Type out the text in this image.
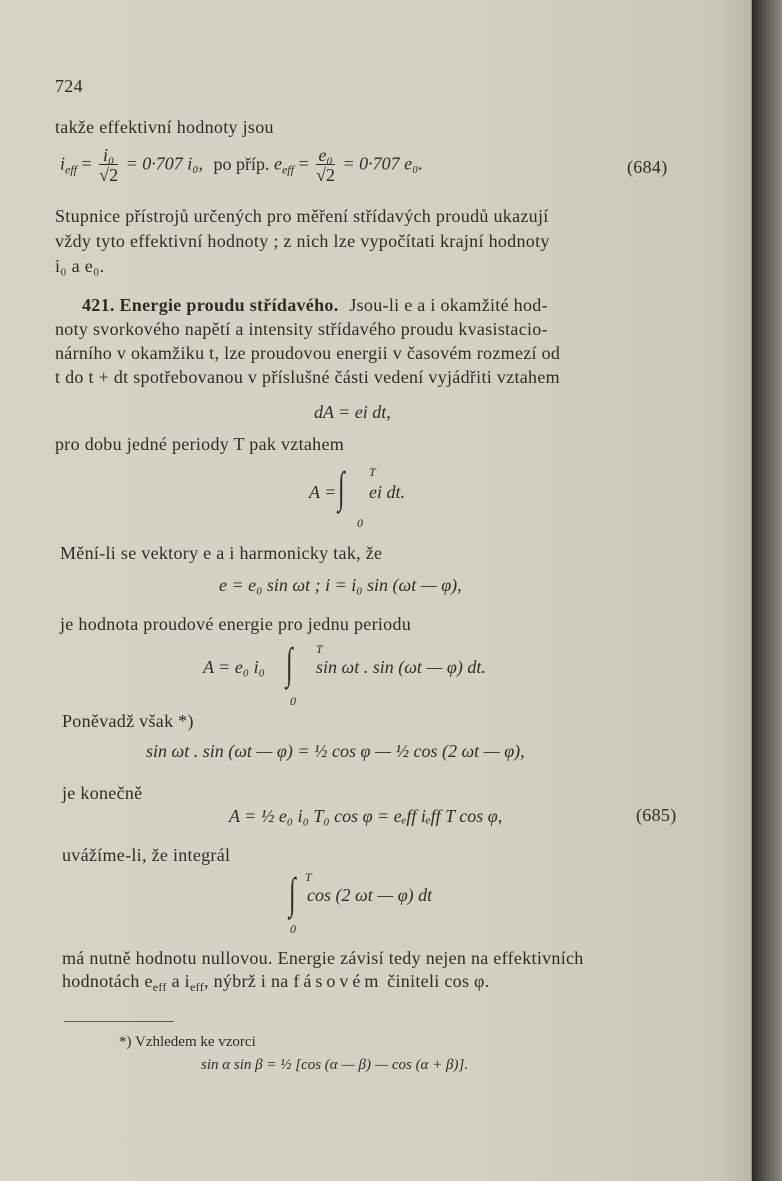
724
takže effektivní hodnoty jsou
$i_{eff} = \frac{\text{i₀}}{√2} = 0\cdot 707$ i₀, po příp. $e_{eff} = \frac{\text{e₀}}{√2} = 0\cdot 707$ e₀.	(684)
Stupnice přístrojů určených pro měření střídavých proudů ukazují
vždy tyto effektivní hodnoty ; z nich lze vypočítati krajní hodnoty
i₀ a e₀.
421. Energie proudu střídavého. Jsou-li e a i okamžité hod-
noty svorkového napětí a intensity střídavého proudu kvasistacio-
nárního v okamžiku t, lze proudovou energii v časovém rozmezí od
t do t + dt spotřebovanou v příslušné části vedení vyjádřiti vztahem
dA = ei dt,
pro dobu jedné periody T pak vztahem
A = ∫ T
0
ei dt.
Mění-li se vektory e a i harmonicky tak, že
e = e₀ sin ωt ; i = i₀ sin (ωt — φ),
je hodnota proudové energie pro jednu periodu
A = e₀ i₀ ∫ T
0
sin ωt . sin (ωt — φ) dt.
Poněvadž však *)
sin ωt . sin (ωt — φ) = ½ cos φ — ½ cos (2 ωt — φ),
je konečně
A = ½ e₀ i₀ T₀ cos φ = eₑff iₑff T cos φ,	(685)
uvážíme-li, že integrál
∫ T
0
cos (2 ωt — φ) dt
má nutně hodnotu nullovou. Energie závisí tedy nejen na effektivních
hodnotách $e_{eff}$ a $i_{eff}$, nýbrž i na fásovém činiteli cos φ.
*) Vzhledem ke vzorci
sin α sin β = ½ [cos (α — β) — cos (α + β)].
